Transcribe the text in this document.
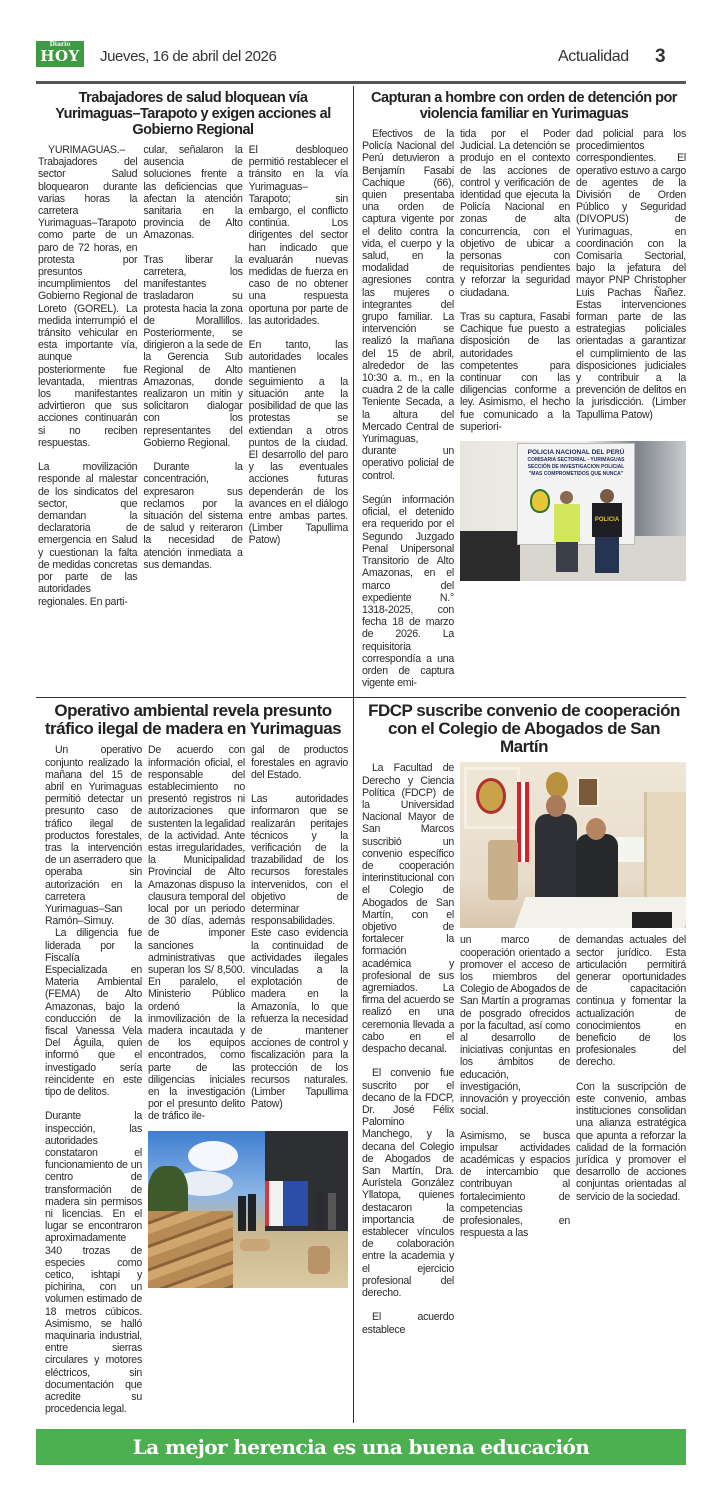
Diario
HOY Jueves, 16 de abril del 2026	Actualidad 3
Trabajadores de salud bloquean vía Yurimaguas–Tarapoto y exigen acciones al Gobierno Regional

YURIMAGUAS.– Trabajadores del sector Salud bloquearon durante varias horas la carretera Yurimaguas–Tarapoto como parte de un paro de 72 horas, en protesta por presuntos incumplimientos del Gobierno Regional de Loreto (GOREL). La medida interrumpió el tránsito vehicular en esta importante vía, aunque posteriormente fue levantada, mientras los manifestantes advirtieron que sus acciones continuarán si no reciben respuestas.

La movilización responde al malestar de los sindicatos del sector, que demandan la declaratoria de emergencia en Salud y cuestionan la falta de medidas concretas por parte de las autoridades regionales. En parti-

cular, señalaron la ausencia de soluciones frente a las deficiencias que afectan la atención sanitaria en la provincia de Alto Amazonas.

Tras liberar la carretera, los manifestantes trasladaron su protesta hacia la zona de Morallillos. Posteriormente, se dirigieron a la sede de la Gerencia Sub Regional de Alto Amazonas, donde realizaron un mitin y solicitaron dialogar con los representantes del Gobierno Regional.

Durante la concentración, expresaron sus reclamos por la situación del sistema de salud y reiteraron la necesidad de atención inmediata a sus demandas.

El desbloqueo permitió restablecer el tránsito en la vía Yurimaguas–Tarapoto; sin embargo, el conflicto continúa. Los dirigentes del sector han indicado que evaluarán nuevas medidas de fuerza en caso de no obtener una respuesta oportuna por parte de las autoridades.

En tanto, las autoridades locales mantienen seguimiento a la situación ante la posibilidad de que las protestas se extiendan a otros puntos de la ciudad. El desarrollo del paro y las eventuales acciones futuras dependerán de los avances en el diálogo entre ambas partes. (Limber Tapullima Patow)

Capturan a hombre con orden de detención por violencia familiar en Yurimaguas

Efectivos de la Policía Nacional del Perú detuvieron a Benjamín Fasabi Cachique (66), quien presentaba una orden de captura vigente por el delito contra la vida, el cuerpo y la salud, en la modalidad de agresiones contra las mujeres o integrantes del grupo familiar. La intervención se realizó la mañana del 15 de abril, alrededor de las 10:30 a. m., en la cuadra 2 de la calle Teniente Secada, a la altura del Mercado Central de Yurimaguas, durante un operativo policial de control.

Según información oficial, el detenido era requerido por el Segundo Juzgado Penal Unipersonal Transitorio de Alto Amazonas, en el marco del expediente N.° 1318-2025, con fecha 18 de marzo de 2026. La requisitoria correspondía a una orden de captura vigente emi-

tida por el Poder Judicial. La detención se produjo en el contexto de las acciones de control y verificación de identidad que ejecuta la Policía Nacional en zonas de alta concurrencia, con el objetivo de ubicar a personas con requisitorias pendientes y reforzar la seguridad ciudadana.

Tras su captura, Fasabi Cachique fue puesto a disposición de las autoridades competentes para continuar con las diligencias conforme a ley. Asimismo, el hecho fue comunicado a la superiori-

dad policial para los procedimientos correspondientes. El operativo estuvo a cargo de agentes de la División de Orden Público y Seguridad (DIVOPUS) de Yurimaguas, en coordinación con la Comisaría Sectorial, bajo la jefatura del mayor PNP Christopher Luis Pachas Ñañez. Estas intervenciones forman parte de las estrategias policiales orientadas a garantizar el cumplimiento de las disposiciones judiciales y contribuir a la prevención de delitos en la jurisdicción. (Limber Tapullima Patow)

POLICIA NACIONAL DEL PERÚ
COMISARIA SECTORIAL - YURIMAGUAS
SECCIÓN DE INVESTIGACION POLICIAL
"MAS COMPROMETIDOS QUE NUNCA"
POLICIA
Operativo ambiental revela presunto tráfico ilegal de madera en Yurimaguas

Un operativo conjunto realizado la mañana del 15 de abril en Yurimaguas permitió detectar un presunto caso de tráfico ilegal de productos forestales, tras la intervención de un aserradero que operaba sin autorización en la carretera Yurimaguas–San Ramón–Simuy.

La diligencia fue liderada por la Fiscalía Especializada en Materia Ambiental (FEMA) de Alto Amazonas, bajo la conducción de la fiscal Vanessa Vela Del Águila, quien informó que el investigado sería reincidente en este tipo de delitos.

Durante la inspección, las autoridades constataron el funcionamiento de un centro de transformación de madera sin permisos ni licencias. En el lugar se encontraron aproximadamente 340 trozas de especies como cetico, ishtapi y pichirina, con un volumen estimado de 18 metros cúbicos. Asimismo, se halló maquinaria industrial, entre sierras circulares y motores eléctricos, sin documentación que acredite su procedencia legal.

De acuerdo con información oficial, el responsable del establecimiento no presentó registros ni autorizaciones que sustenten la legalidad de la actividad. Ante estas irregularidades, la Municipalidad Provincial de Alto Amazonas dispuso la clausura temporal del local por un periodo de 30 días, además de imponer sanciones administrativas que superan los S/ 8,500. En paralelo, el Ministerio Público ordenó la inmovilización de la madera incautada y de los equipos encontrados, como parte de las diligencias iniciales en la investigación por el presunto delito de tráfico ile-

gal de productos forestales en agravio del Estado.

Las autoridades informaron que se realizarán peritajes técnicos y la verificación de la trazabilidad de los recursos forestales intervenidos, con el objetivo de determinar responsabilidades. Este caso evidencia la continuidad de actividades ilegales vinculadas a la explotación de madera en la Amazonía, lo que refuerza la necesidad de mantener acciones de control y fiscalización para la protección de los recursos naturales. (Limber Tapullima Patow)

FDCP suscribe convenio de cooperación con el Colegio de Abogados de San Martín

La Facultad de Derecho y Ciencia Política (FDCP) de la Universidad Nacional Mayor de San Marcos suscribió un convenio específico de cooperación interinstitucional con el Colegio de Abogados de San Martín, con el objetivo de fortalecer la formación académica y profesional de sus agremiados. La firma del acuerdo se realizó en una ceremonia llevada a cabo en el despacho decanal.

El convenio fue suscrito por el decano de la FDCP, Dr. José Félix Palomino Manchego, y la decana del Colegio de Abogados de San Martín, Dra. Aurístela González Yllatopa, quienes destacaron la importancia de establecer vínculos de colaboración entre la academia y el ejercicio profesional del derecho.

El acuerdo establece

un marco de cooperación orientado a promover el acceso de los miembros del Colegio de Abogados de San Martín a programas de posgrado ofrecidos por la facultad, así como al desarrollo de iniciativas conjuntas en los ámbitos de educación, investigación, innovación y proyección social.

Asimismo, se busca impulsar actividades académicas y espacios de intercambio que contribuyan al fortalecimiento de competencias profesionales, en respuesta a las

demandas actuales del sector jurídico. Esta articulación permitirá generar oportunidades de capacitación continua y fomentar la actualización de conocimientos en beneficio de los profesionales del derecho.

Con la suscripción de este convenio, ambas instituciones consolidan una alianza estratégica que apunta a reforzar la calidad de la formación jurídica y promover el desarrollo de acciones conjuntas orientadas al servicio de la sociedad.

La mejor herencia es una buena educación
